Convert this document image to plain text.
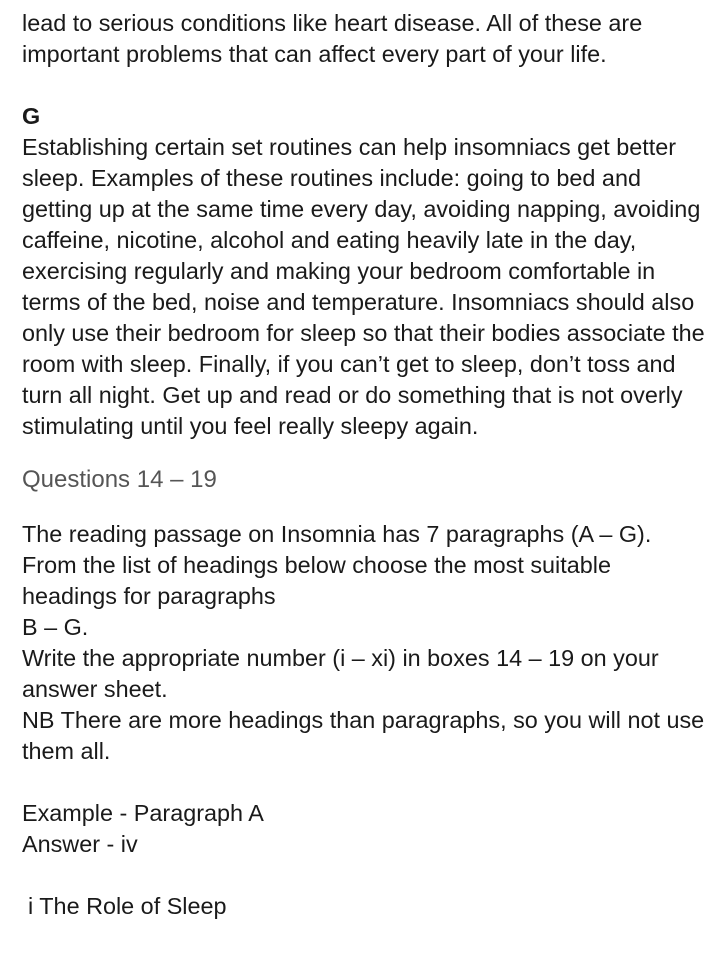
lead to serious conditions like heart disease. All of these are
important problems that can affect every part of your life.
G
Establishing certain set routines can help insomniacs get better
sleep. Examples of these routines include: going to bed and
getting up at the same time every day, avoiding napping, avoiding
caffeine, nicotine, alcohol and eating heavily late in the day,
exercising regularly and making your bedroom comfortable in
terms of the bed, noise and temperature. Insomniacs should also
only use their bedroom for sleep so that their bodies associate the
room with sleep. Finally, if you can’t get to sleep, don’t toss and
turn all night. Get up and read or do something that is not overly
stimulating until you feel really sleepy again.
Questions 14 – 19
The reading passage on Insomnia has 7 paragraphs (A – G).
From the list of headings below choose the most suitable
headings for paragraphs
B – G.
Write the appropriate number (i – xi) in boxes 14 – 19 on your
answer sheet.
NB There are more headings than paragraphs, so you will not use
them all.
Example - Paragraph A
Answer - iv
i The Role of Sleep
